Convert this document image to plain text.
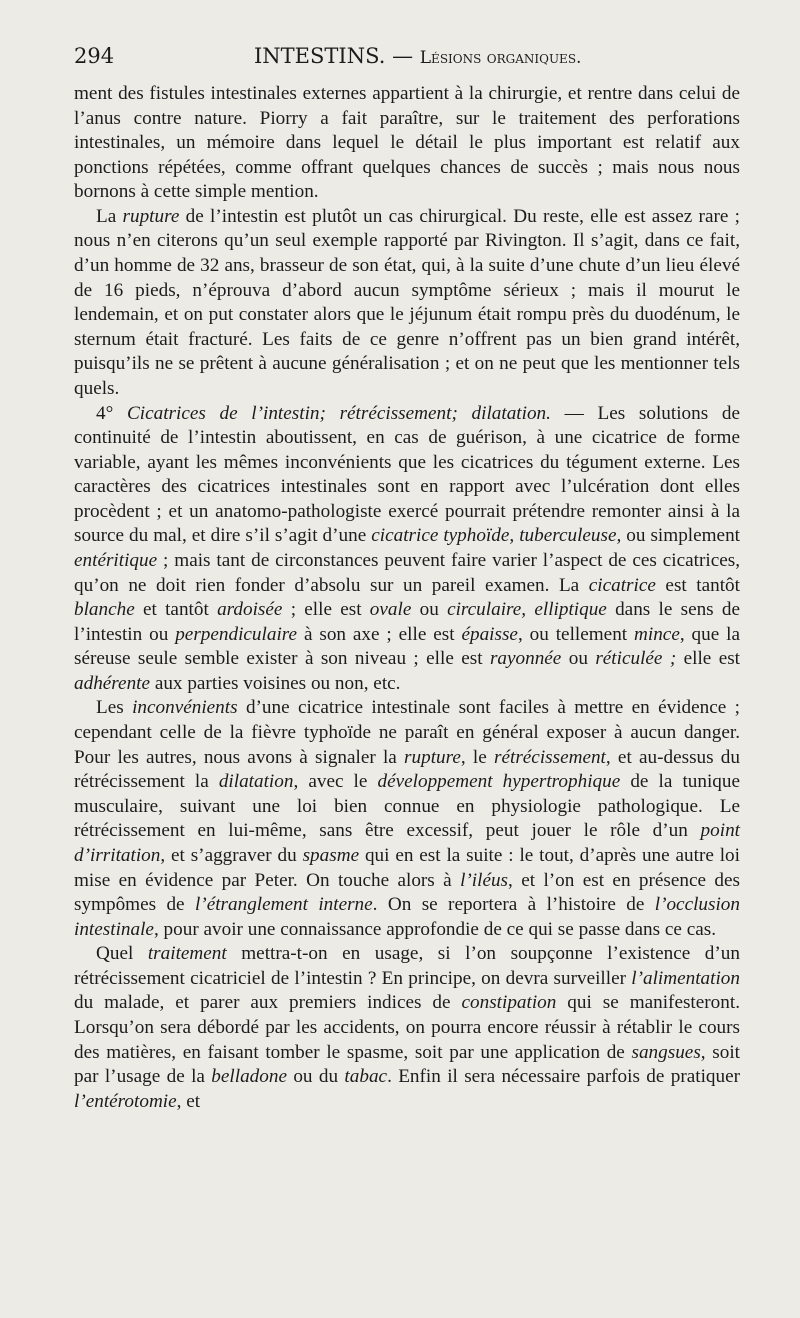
294	INTESTINS. — Lésions organiques.

ment des fistules intestinales externes appartient à la chirurgie, et rentre dans celui de l’anus contre nature. Piorry a fait paraître, sur le traitement des perforations intestinales, un mémoire dans lequel le détail le plus important est relatif aux ponctions répétées, comme offrant quelques chances de succès ; mais nous nous bornons à cette simple mention.

La rupture de l’intestin est plutôt un cas chirurgical. Du reste, elle est assez rare ; nous n’en citerons qu’un seul exemple rapporté par Rivington. Il s’agit, dans ce fait, d’un homme de 32 ans, brasseur de son état, qui, à la suite d’une chute d’un lieu élevé de 16 pieds, n’éprouva d’abord aucun symptôme sérieux ; mais il mourut le lendemain, et on put constater alors que le jéjunum était rompu près du duodénum, le sternum était fracturé. Les faits de ce genre n’offrent pas un bien grand intérêt, puisqu’ils ne se prêtent à aucune généralisation ; et on ne peut que les mentionner tels quels.

4° Cicatrices de l’intestin; rétrécissement; dilatation. — Les solutions de continuité de l’intestin aboutissent, en cas de guérison, à une cicatrice de forme variable, ayant les mêmes inconvénients que les cicatrices du tégument externe. Les caractères des cicatrices intestinales sont en rapport avec l’ulcération dont elles procèdent ; et un anatomo-pathologiste exercé pourrait prétendre remonter ainsi à la source du mal, et dire s’il s’agit d’une cicatrice typhoïde, tuberculeuse, ou simplement entéritique ; mais tant de circonstances peuvent faire varier l’aspect de ces cicatrices, qu’on ne doit rien fonder d’absolu sur un pareil examen. La cicatrice est tantôt blanche et tantôt ardoisée ; elle est ovale ou circulaire, elliptique dans le sens de l’intestin ou perpendiculaire à son axe ; elle est épaisse, ou tellement mince, que la séreuse seule semble exister à son niveau ; elle est rayonnée ou réticulée ; elle est adhérente aux parties voisines ou non, etc.

Les inconvénients d’une cicatrice intestinale sont faciles à mettre en évidence ; cependant celle de la fièvre typhoïde ne paraît en général exposer à aucun danger. Pour les autres, nous avons à signaler la rupture, le rétrécissement, et au-dessus du rétrécissement la dilatation, avec le développement hypertrophique de la tunique musculaire, suivant une loi bien connue en physiologie pathologique. Le rétrécissement en lui-même, sans être excessif, peut jouer le rôle d’un point d’irritation, et s’aggraver du spasme qui en est la suite : le tout, d’après une autre loi mise en évidence par Peter. On touche alors à l’iléus, et l’on est en présence des sympômes de l’étranglement interne. On se reportera à l’histoire de l’occlusion intestinale, pour avoir une connaissance approfondie de ce qui se passe dans ce cas.

Quel traitement mettra-t-on en usage, si l’on soupçonne l’existence d’un rétrécissement cicatriciel de l’intestin ? En principe, on devra surveiller l’alimentation du malade, et parer aux premiers indices de constipation qui se manifesteront. Lorsqu’on sera débordé par les accidents, on pourra encore réussir à rétablir le cours des matières, en faisant tomber le spasme, soit par une application de sangsues, soit par l’usage de la belladone ou du tabac. Enfin il sera nécessaire parfois de pratiquer l’entérotomie, et
